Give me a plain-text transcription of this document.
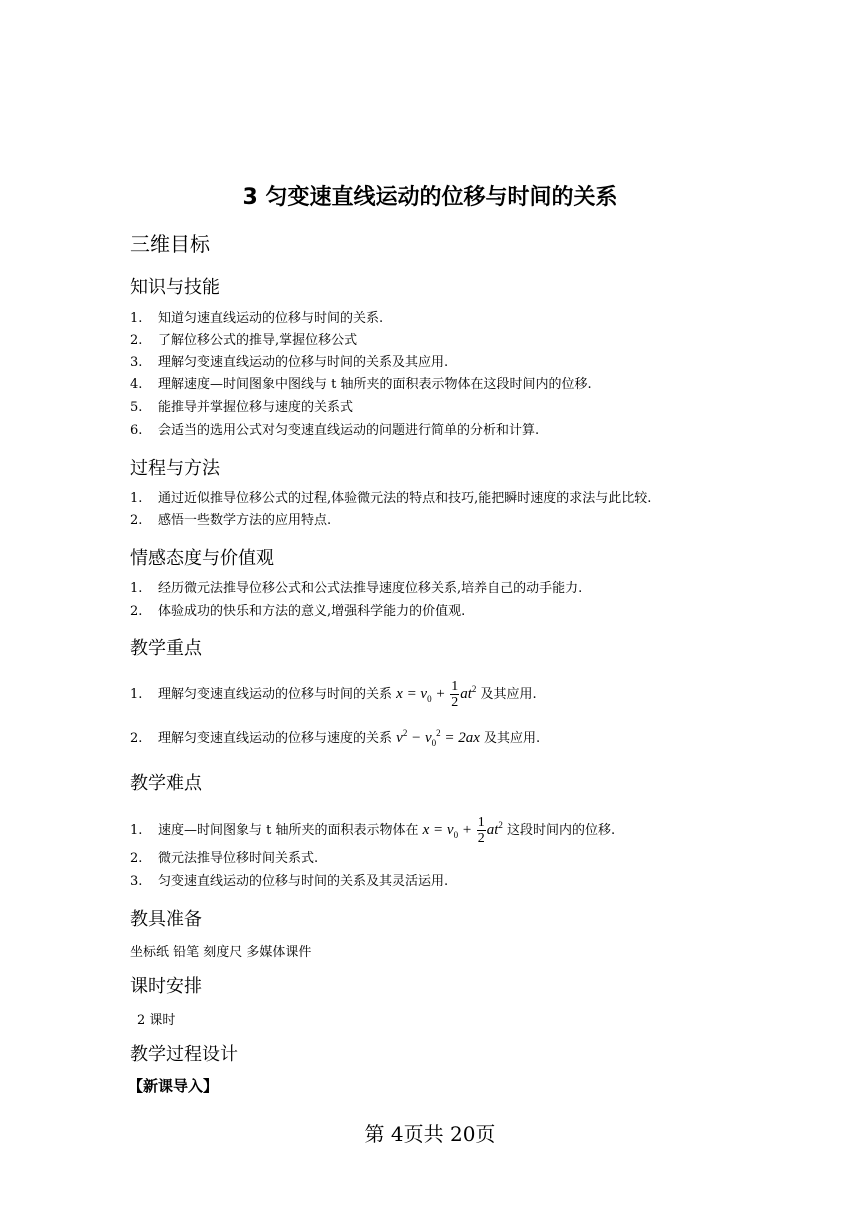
3 匀变速直线运动的位移与时间的关系
三维目标
知识与技能
1. 知道匀速直线运动的位移与时间的关系.
2. 了解位移公式的推导,掌握位移公式
3. 理解匀变速直线运动的位移与时间的关系及其应用.
4. 理解速度—时间图象中图线与 t 轴所夹的面积表示物体在这段时间内的位移.
5. 能推导并掌握位移与速度的关系式
6. 会适当的选用公式对匀变速直线运动的问题进行简单的分析和计算.
过程与方法
1. 通过近似推导位移公式的过程,体验微元法的特点和技巧,能把瞬时速度的求法与此比较.
2. 感悟一些数学方法的应用特点.
情感态度与价值观
1. 经历微元法推导位移公式和公式法推导速度位移关系,培养自己的动手能力.
2. 体验成功的快乐和方法的意义,增强科学能力的价值观.
教学重点
1. 理解匀变速直线运动的位移与时间的关系 $x = v_0 + \frac{1}{2} at^2$ 及其应用.
2. 理解匀变速直线运动的位移与速度的关系 $v^2 - v_0^2 = 2ax$ 及其应用.
教学难点
1. 速度—时间图象与 t 轴所夹的面积表示物体在 $x = v_0 + \frac{1}{2} at^2$ 这段时间内的位移.
2. 微元法推导位移时间关系式.
3. 匀变速直线运动的位移与时间的关系及其灵活运用.
教具准备
坐标纸 铅笔 刻度尺 多媒体课件
课时安排
2 课时
教学过程设计
【新课导入】
第 4页共 20页
